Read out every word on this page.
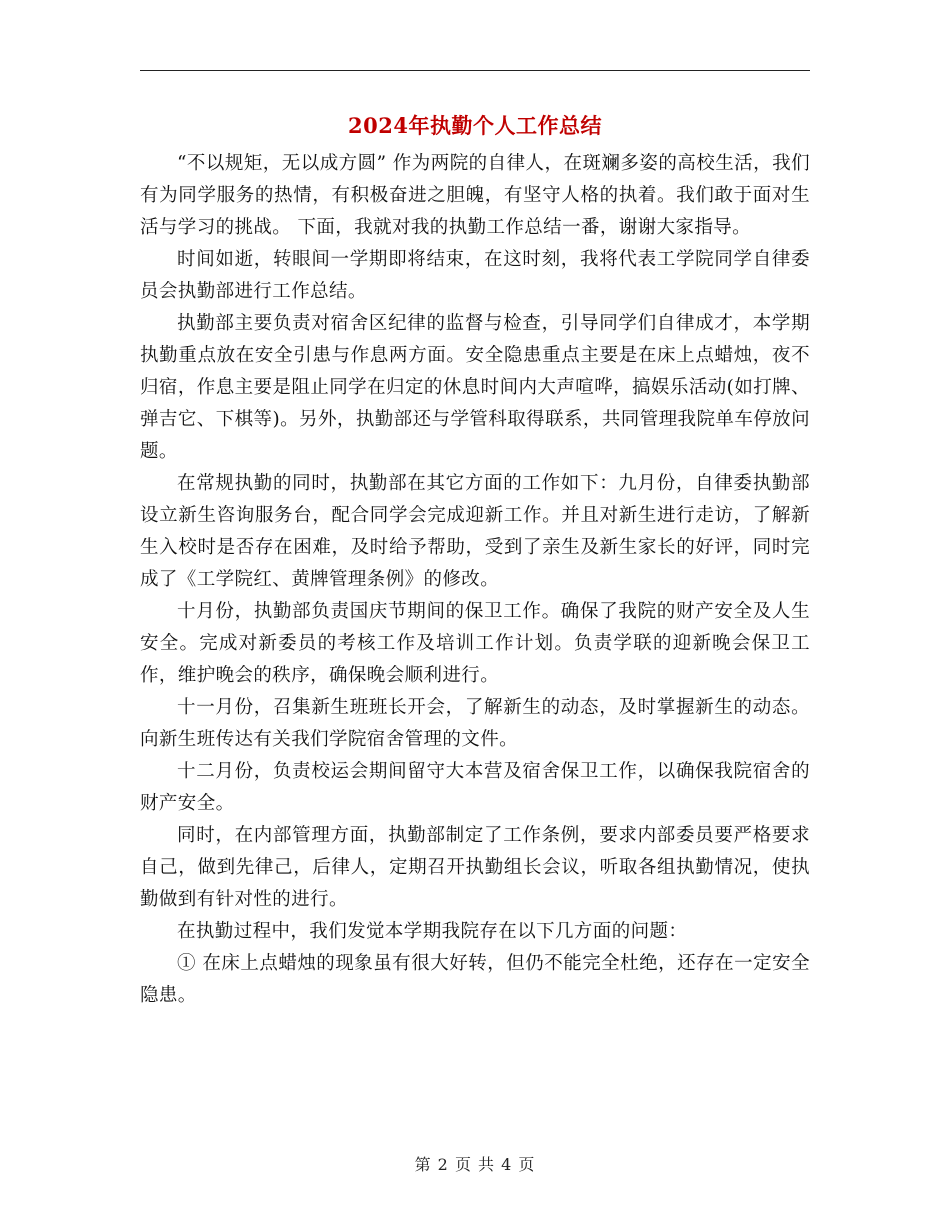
2024年执勤个人工作总结

“不以规矩，无以成方圆” 作为两院的自律人，在斑斓多姿的高校生活，我们有为同学服务的热情，有积极奋进之胆魄，有坚守人格的执着。我们敢于面对生活与学习的挑战。 下面，我就对我的执勤工作总结一番，谢谢大家指导。

时间如逝，转眼间一学期即将结束，在这时刻，我将代表工学院同学自律委员会执勤部进行工作总结。

执勤部主要负责对宿舍区纪律的监督与检查，引导同学们自律成才，本学期执勤重点放在安全引患与作息两方面。安全隐患重点主要是在床上点蜡烛，夜不归宿，作息主要是阻止同学在归定的休息时间内大声喧哗，搞娱乐活动(如打牌、弹吉它、下棋等)。另外，执勤部还与学管科取得联系，共同管理我院单车停放问题。

在常规执勤的同时，执勤部在其它方面的工作如下：九月份，自律委执勤部设立新生咨询服务台，配合同学会完成迎新工作。并且对新生进行走访，了解新生入校时是否存在困难，及时给予帮助，受到了亲生及新生家长的好评，同时完成了《工学院红、黄牌管理条例》的修改。

十月份，执勤部负责国庆节期间的保卫工作。确保了我院的财产安全及人生安全。完成对新委员的考核工作及培训工作计划。负责学联的迎新晚会保卫工作，维护晚会的秩序，确保晚会顺利进行。

十一月份，召集新生班班长开会，了解新生的动态，及时掌握新生的动态。向新生班传达有关我们学院宿舍管理的文件。

十二月份，负责校运会期间留守大本营及宿舍保卫工作，以确保我院宿舍的财产安全。

同时，在内部管理方面，执勤部制定了工作条例，要求内部委员要严格要求自己，做到先律己，后律人，定期召开执勤组长会议，听取各组执勤情况，使执勤做到有针对性的进行。

在执勤过程中，我们发觉本学期我院存在以下几方面的问题：

① 在床上点蜡烛的现象虽有很大好转，但仍不能完全杜绝，还存在一定安全隐患。

第 2 页 共 4 页
